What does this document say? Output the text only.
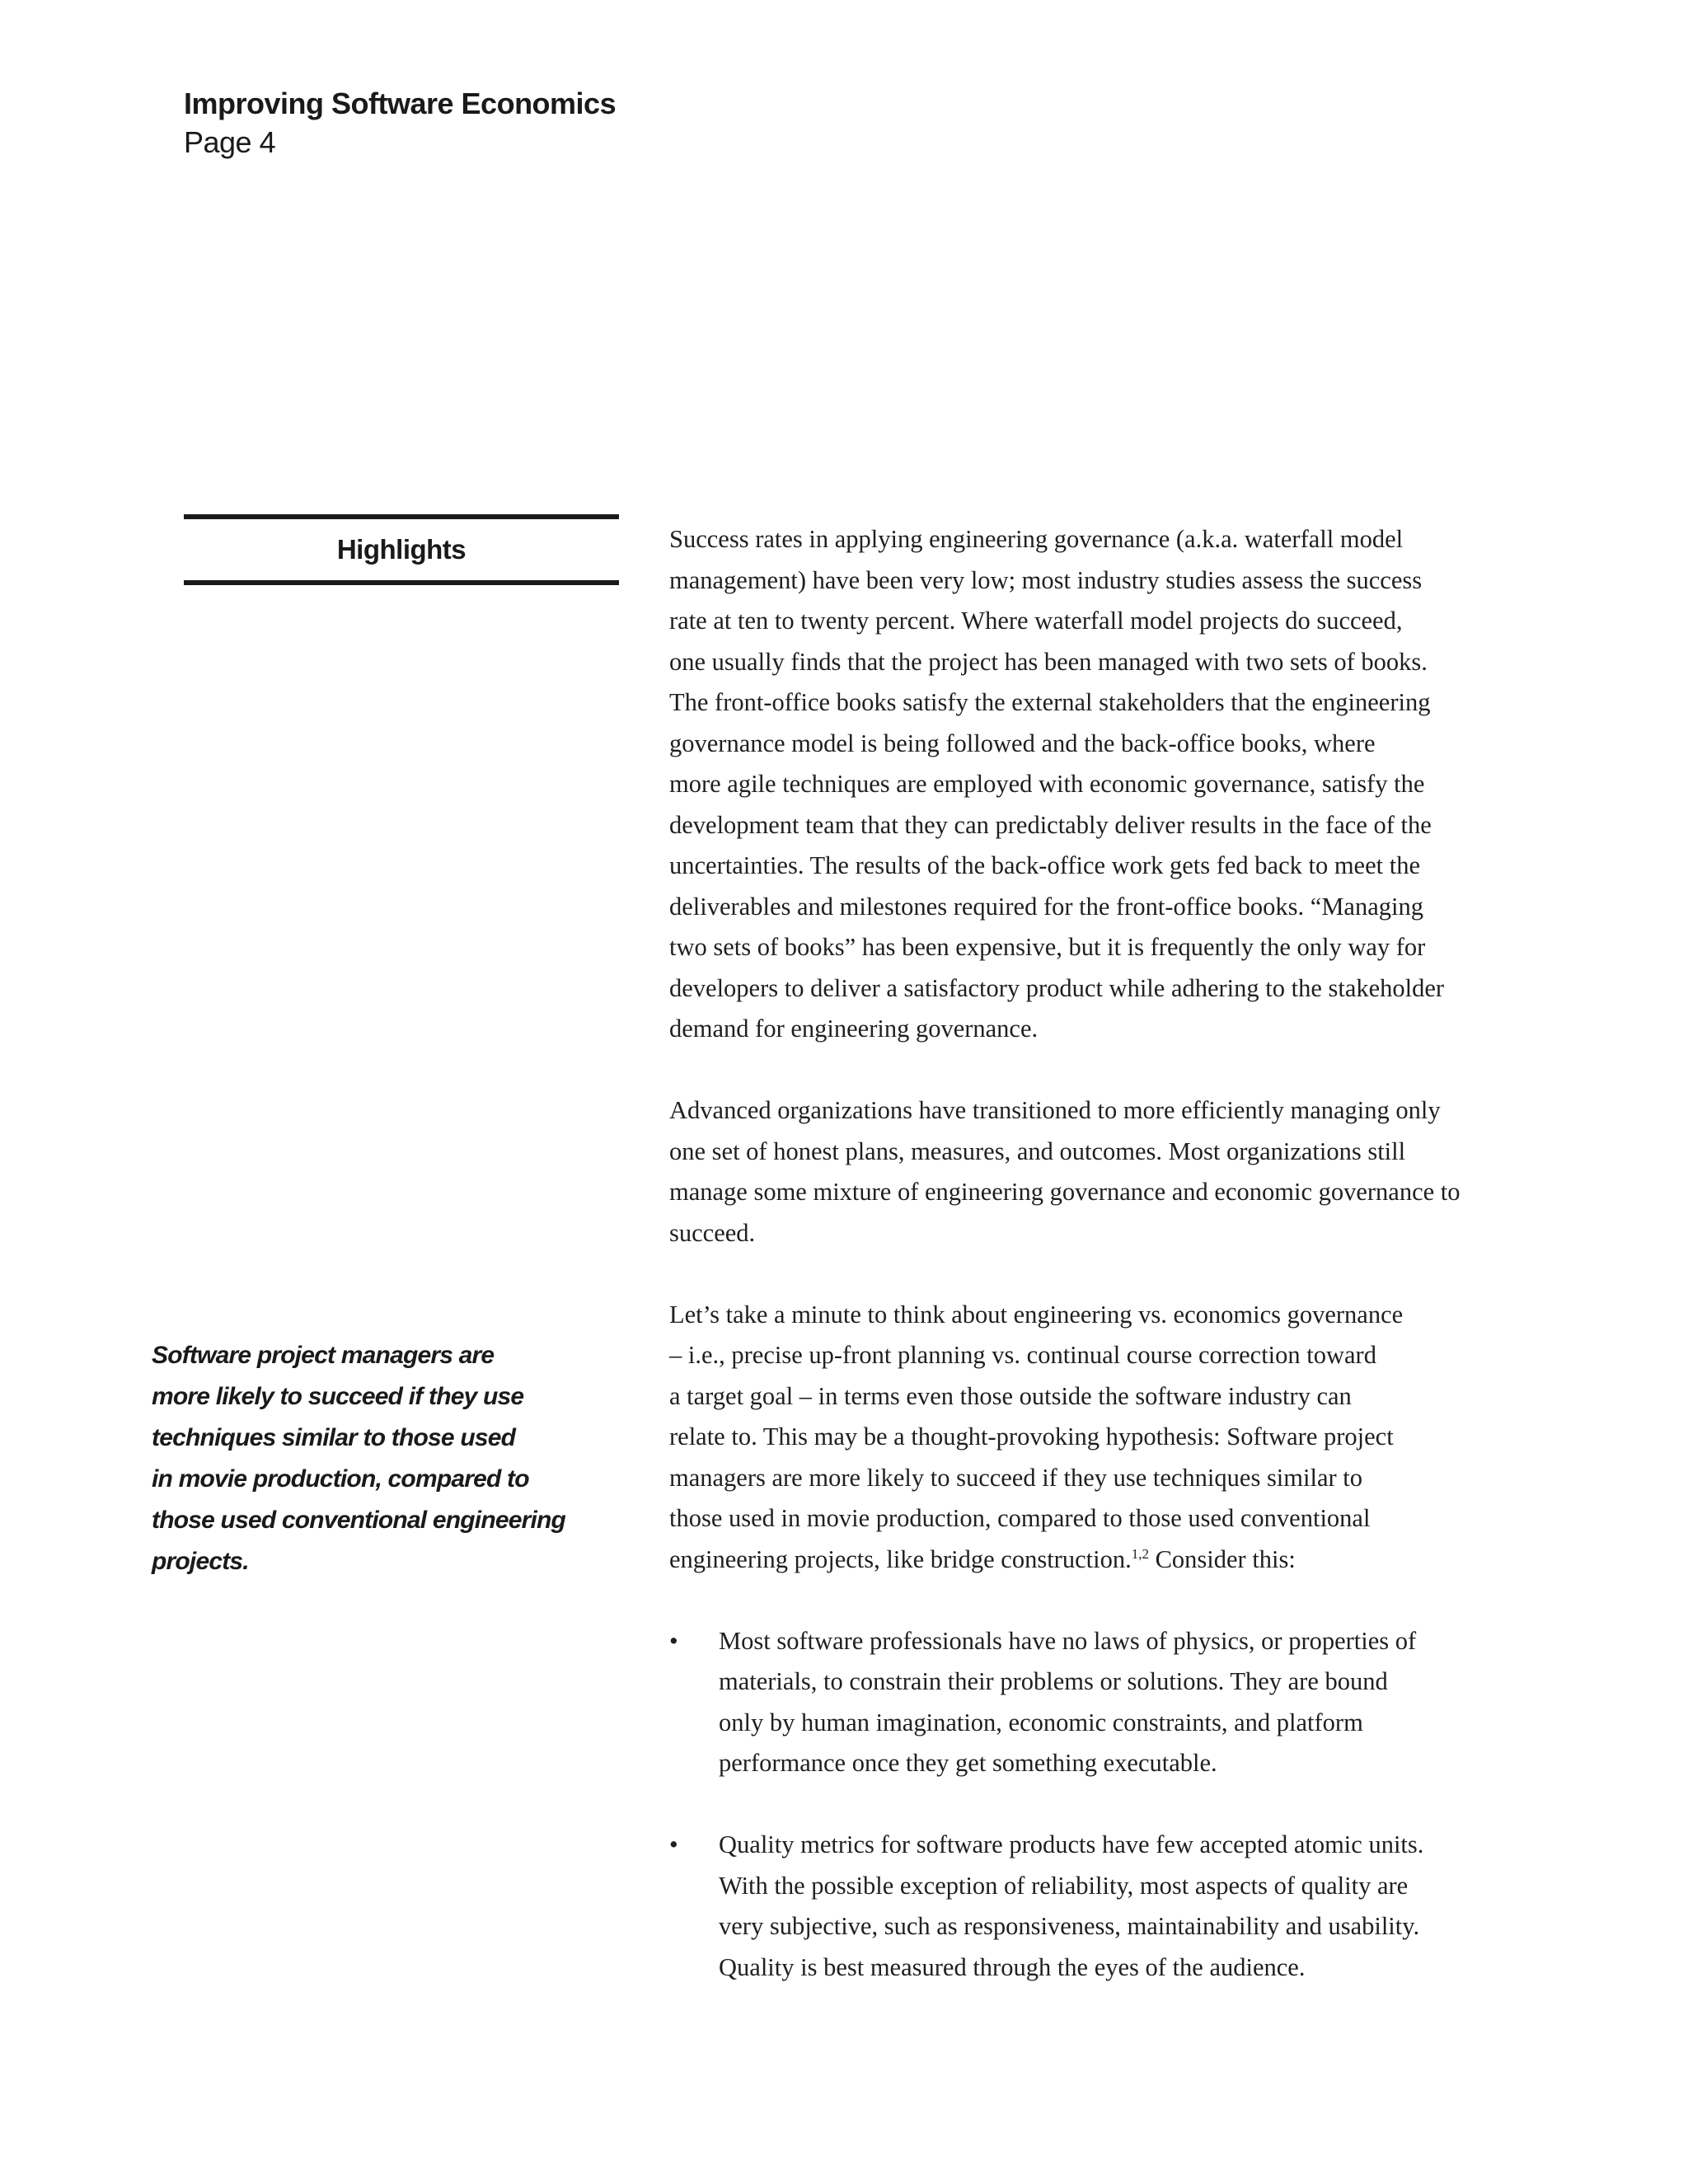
Improving Software Economics
Page 4
Highlights
Software project managers are
more likely to succeed if they use
techniques similar to those used
in movie production, compared to
those used conventional engineering
projects.

Success rates in applying engineering governance (a.k.a. waterfall model
management) have been very low; most industry studies assess the success
rate at ten to twenty percent. Where waterfall model projects do succeed,
one usually finds that the project has been managed with two sets of books.
The front-office books satisfy the external stakeholders that the engineering
governance model is being followed and the back-office books, where
more agile techniques are employed with economic governance, satisfy the
development team that they can predictably deliver results in the face of the
uncertainties. The results of the back-office work gets fed back to meet the
deliverables and milestones required for the front-office books. “Managing
two sets of books” has been expensive, but it is frequently the only way for
developers to deliver a satisfactory product while adhering to the stakeholder
demand for engineering governance.

Advanced organizations have transitioned to more efficiently managing only
one set of honest plans, measures, and outcomes. Most organizations still
manage some mixture of engineering governance and economic governance to
succeed.

Let’s take a minute to think about engineering vs. economics governance
– i.e., precise up-front planning vs. continual course correction toward
a target goal – in terms even those outside the software industry can
relate to. This may be a thought-provoking hypothesis: Software project
managers are more likely to succeed if they use techniques similar to
those used in movie production, compared to those used conventional
engineering projects, like bridge construction.$^{1,2}$ Consider this:

• Most software professionals have no laws of physics, or properties of
materials, to constrain their problems or solutions. They are bound
only by human imagination, economic constraints, and platform
performance once they get something executable.
• Quality metrics for software products have few accepted atomic units.
With the possible exception of reliability, most aspects of quality are
very subjective, such as responsiveness, maintainability and usability.
Quality is best measured through the eyes of the audience.
